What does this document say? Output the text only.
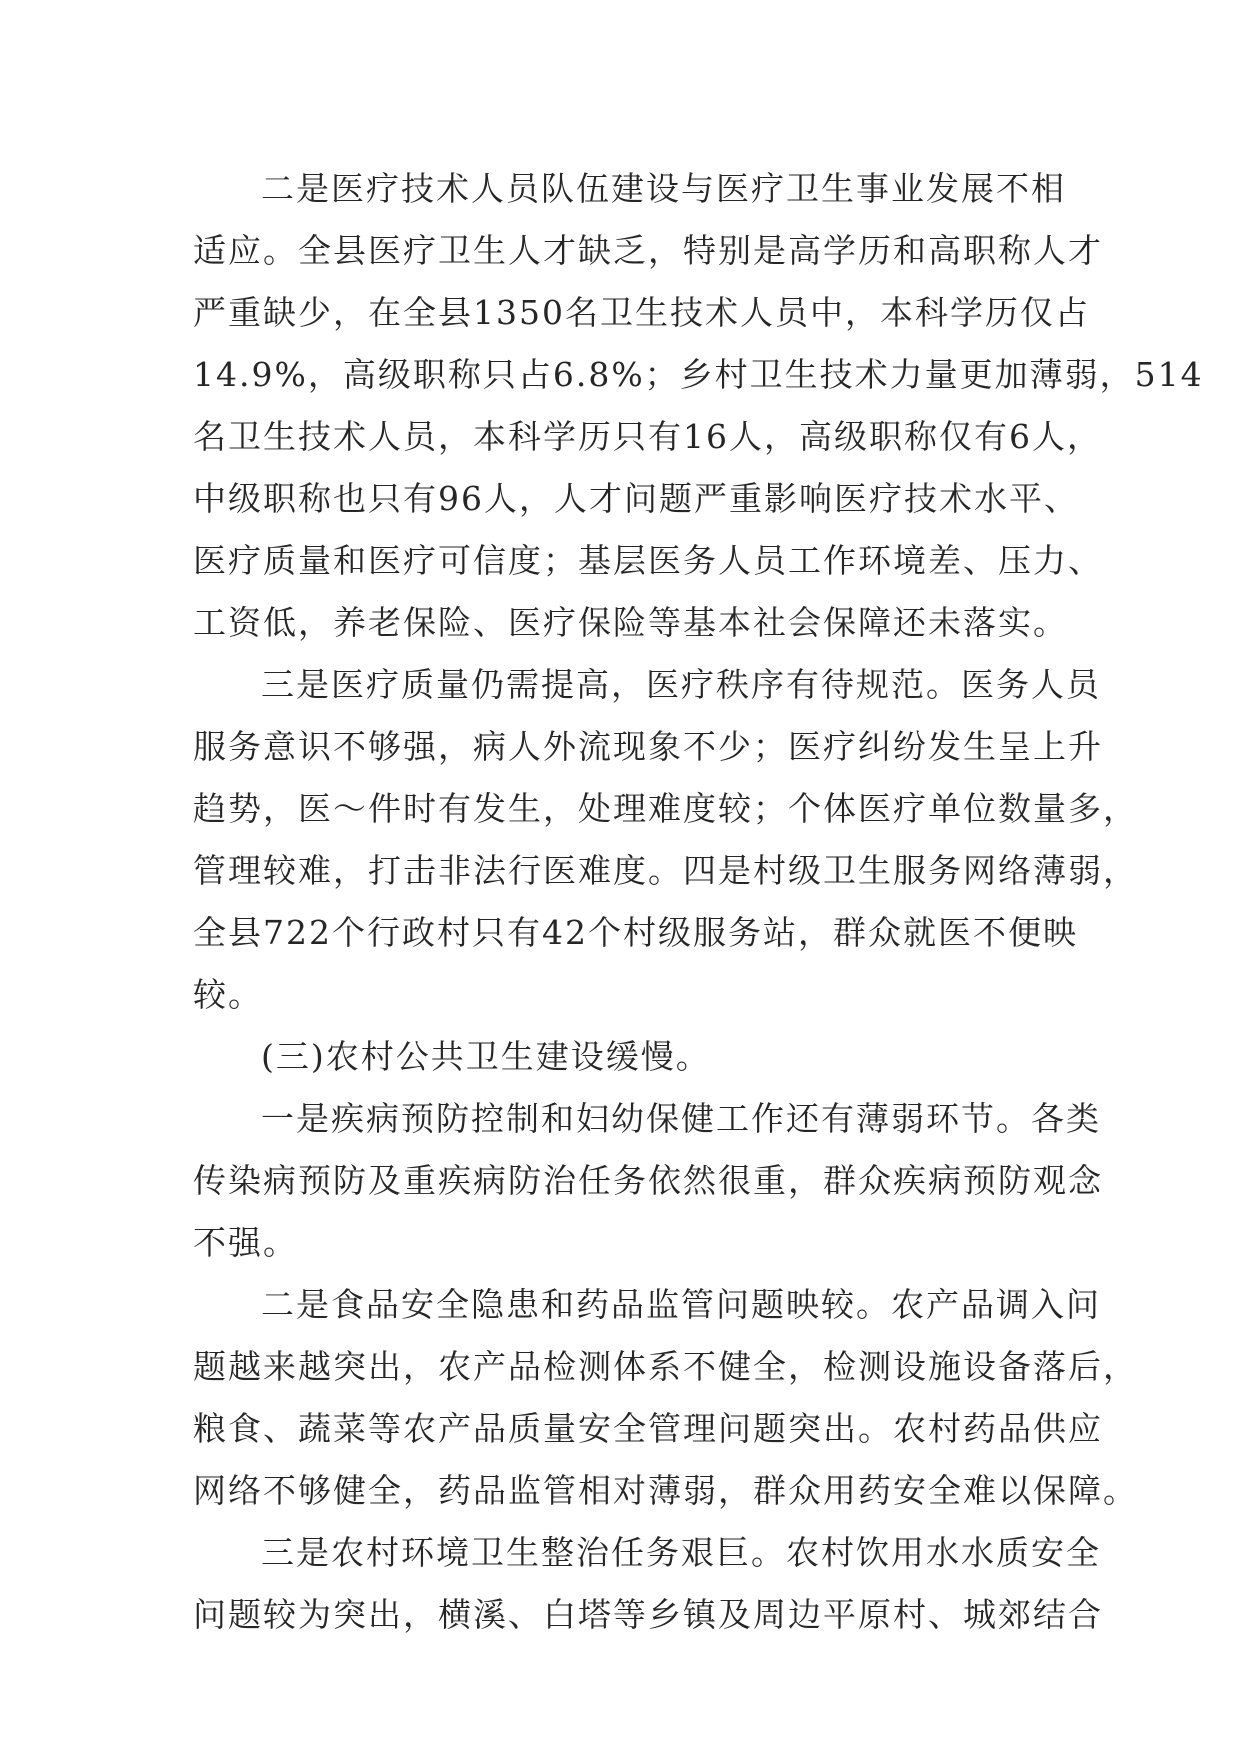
二是医疗技术人员队伍建设与医疗卫生事业发展不相
适应。全县医疗卫生人才缺乏，特别是高学历和高职称人才
严重缺少，在全县1350名卫生技术人员中，本科学历仅占
14.9%，高级职称只占6.8%；乡村卫生技术力量更加薄弱，514
名卫生技术人员，本科学历只有16人，高级职称仅有6人，
中级职称也只有96人，人才问题严重影响医疗技术水平、
医疗质量和医疗可信度；基层医务人员工作环境差、压力、
工资低，养老保险、医疗保险等基本社会保障还未落实。

三是医疗质量仍需提高，医疗秩序有待规范。医务人员
服务意识不够强，病人外流现象不少；医疗纠纷发生呈上升
趋势，医～件时有发生，处理难度较；个体医疗单位数量多，
管理较难，打击非法行医难度。四是村级卫生服务网络薄弱，
全县722个行政村只有42个村级服务站，群众就医不便映
较。

(三)农村公共卫生建设缓慢。

一是疾病预防控制和妇幼保健工作还有薄弱环节。各类
传染病预防及重疾病防治任务依然很重，群众疾病预防观念
不强。

二是食品安全隐患和药品监管问题映较。农产品调入问
题越来越突出，农产品检测体系不健全，检测设施设备落后，
粮食、蔬菜等农产品质量安全管理问题突出。农村药品供应
网络不够健全，药品监管相对薄弱，群众用药安全难以保障。

三是农村环境卫生整治任务艰巨。农村饮用水水质安全
问题较为突出，横溪、白塔等乡镇及周边平原村、城郊结合
